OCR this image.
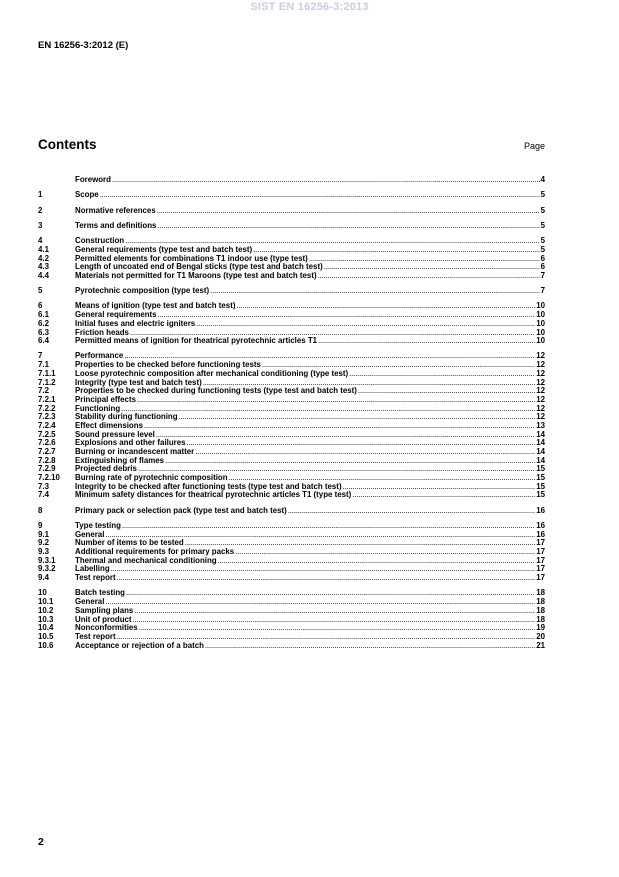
SIST EN 16256-3:2013
EN 16256-3:2012 (E)
Contents	Page
Foreword .....	4
1	Scope .....	5
2	Normative references .....	5
3	Terms and definitions .....	5
4	Construction .....	5
4.1	General requirements (type test and batch test) .....	5
4.2	Permitted elements for combinations T1 indoor use (type test) .....	6
4.3	Length of uncoated end of Bengal sticks (type test and batch test) .....	6
4.4	Materials not permitted for T1 Maroons (type test and batch test) .....	7
5	Pyrotechnic composition (type test) .....	7
6	Means of ignition (type test and batch test) .....	10
6.1	General requirements .....	10
6.2	Initial fuses and electric igniters .....	10
6.3	Friction heads .....	10
6.4	Permitted means of ignition for theatrical pyrotechnic articles T1 .....	10
7	Performance .....	12
7.1	Properties to be checked before functioning tests .....	12
7.1.1	Loose pyrotechnic composition after mechanical conditioning (type test) .....	12
7.1.2	Integrity (type test and batch test) .....	12
7.2	Properties to be checked during functioning tests (type test and batch test) .....	12
7.2.1	Principal effects .....	12
7.2.2	Functioning .....	12
7.2.3	Stability during functioning .....	12
7.2.4	Effect dimensions .....	13
7.2.5	Sound pressure level .....	14
7.2.6	Explosions and other failures .....	14
7.2.7	Burning or incandescent matter .....	14
7.2.8	Extinguishing of flames .....	14
7.2.9	Projected debris .....	15
7.2.10	Burning rate of pyrotechnic composition .....	15
7.3	Integrity to be checked after functioning tests (type test and batch test) .....	15
7.4	Minimum safety distances for theatrical pyrotechnic articles T1 (type test) .....	15
8	Primary pack or selection pack (type test and batch test) .....	16
9	Type testing .....	16
9.1	General .....	16
9.2	Number of items to be tested .....	17
9.3	Additional requirements for primary packs .....	17
9.3.1	Thermal and mechanical conditioning .....	17
9.3.2	Labelling .....	17
9.4	Test report .....	17
10	Batch testing .....	18
10.1	General .....	18
10.2	Sampling plans .....	18
10.3	Unit of product .....	18
10.4	Nonconformities .....	19
10.5	Test report .....	20
10.6	Acceptance or rejection of a batch .....	21
2
